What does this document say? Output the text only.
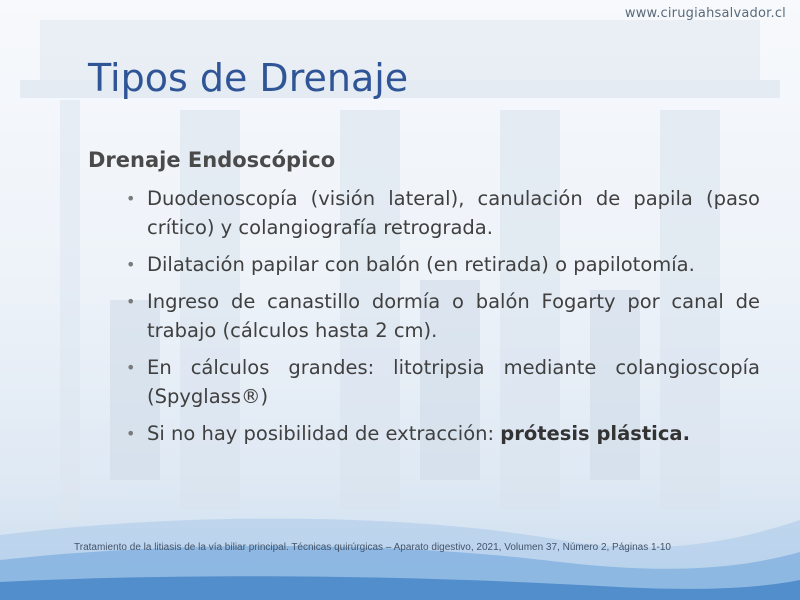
www.cirugiahsalvador.cl
Tipos de Drenaje
Drenaje Endoscópico
• Duodenoscopía (visión lateral), canulación de papila (paso crítico) y colangiografía retrograda.
• Dilatación papilar con balón (en retirada) o papilotomía.
• Ingreso de canastillo dormía o balón Fogarty por canal de trabajo (cálculos hasta 2 cm).
• En cálculos grandes: litotripsia mediante colangioscopía (Spyglass®)
• Si no hay posibilidad de extracción: prótesis plástica.
Tratamiento de la litiasis de la vía biliar principal. Técnicas quirúrgicas – Aparato digestivo, 2021, Volumen 37, Número 2, Páginas 1-10
